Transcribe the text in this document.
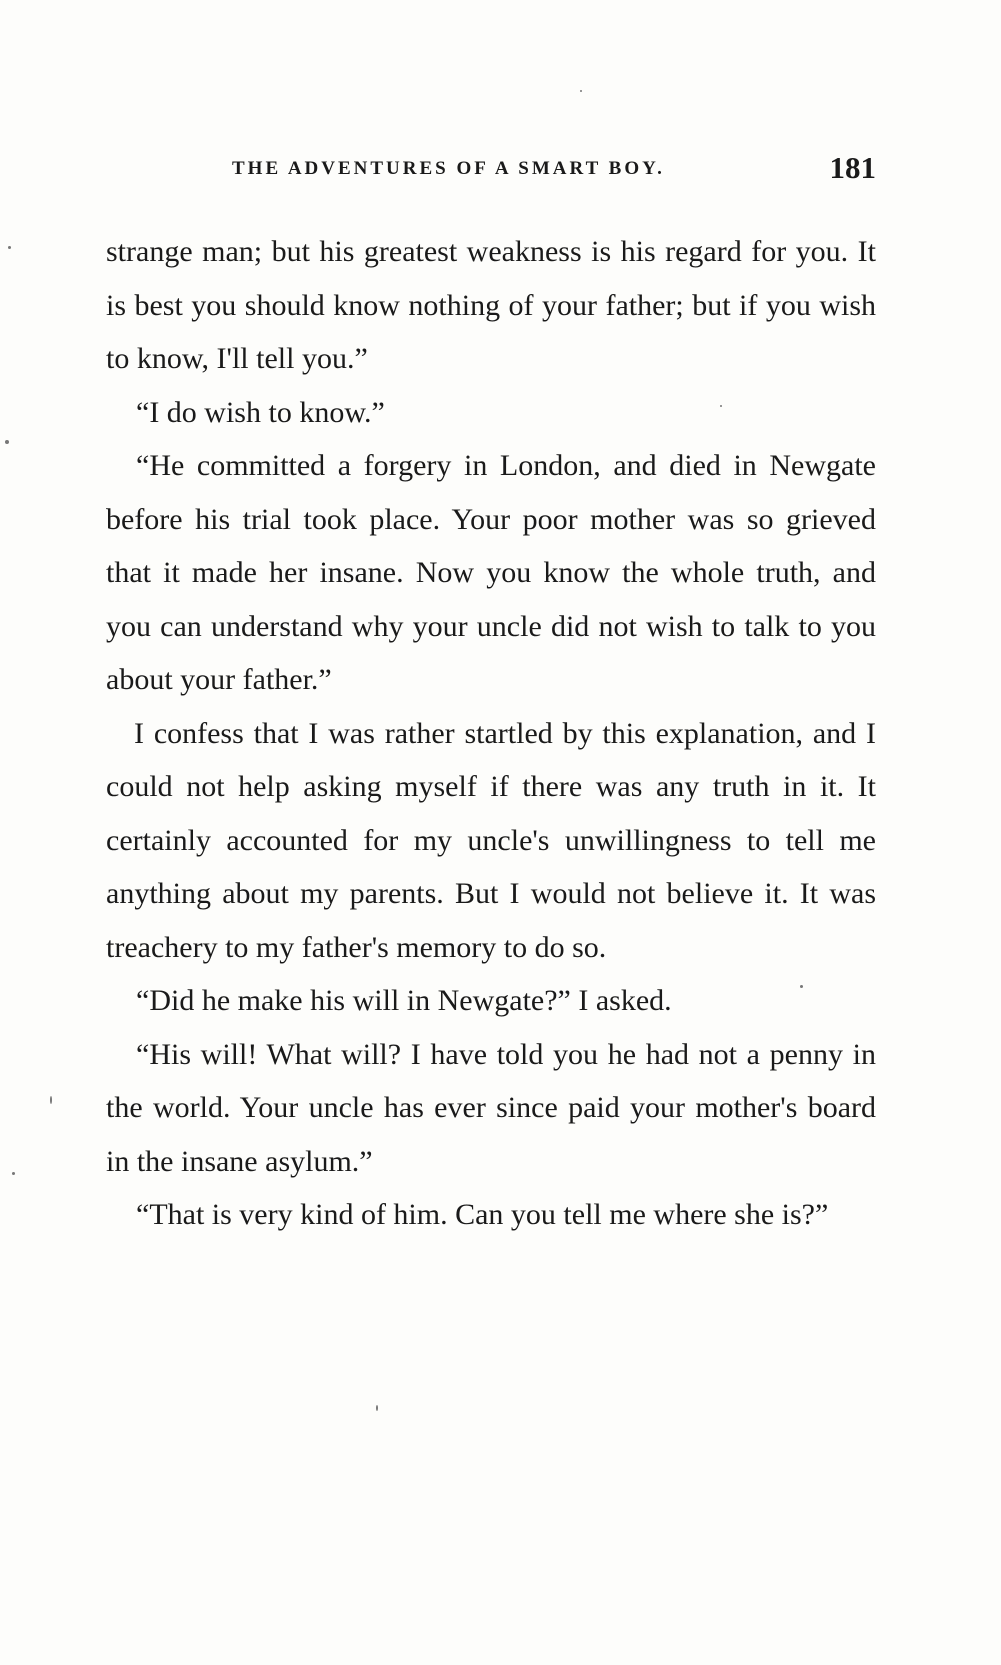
THE ADVENTURES OF A SMART BOY.	181

strange man; but his greatest weakness is his regard for you. It is best you should know nothing of your father; but if you wish to know, I'll tell you.”

“I do wish to know.”

“He committed a forgery in London, and died in Newgate before his trial took place. Your poor mother was so grieved that it made her insane. Now you know the whole truth, and you can understand why your uncle did not wish to talk to you about your father.”

I confess that I was rather startled by this explanation, and I could not help asking myself if there was any truth in it. It certainly accounted for my uncle's unwillingness to tell me anything about my parents. But I would not believe it. It was treachery to my father's memory to do so.

“Did he make his will in Newgate?” I asked.

“His will! What will? I have told you he had not a penny in the world. Your uncle has ever since paid your mother's board in the insane asylum.”

“That is very kind of him. Can you tell me where she is?”
